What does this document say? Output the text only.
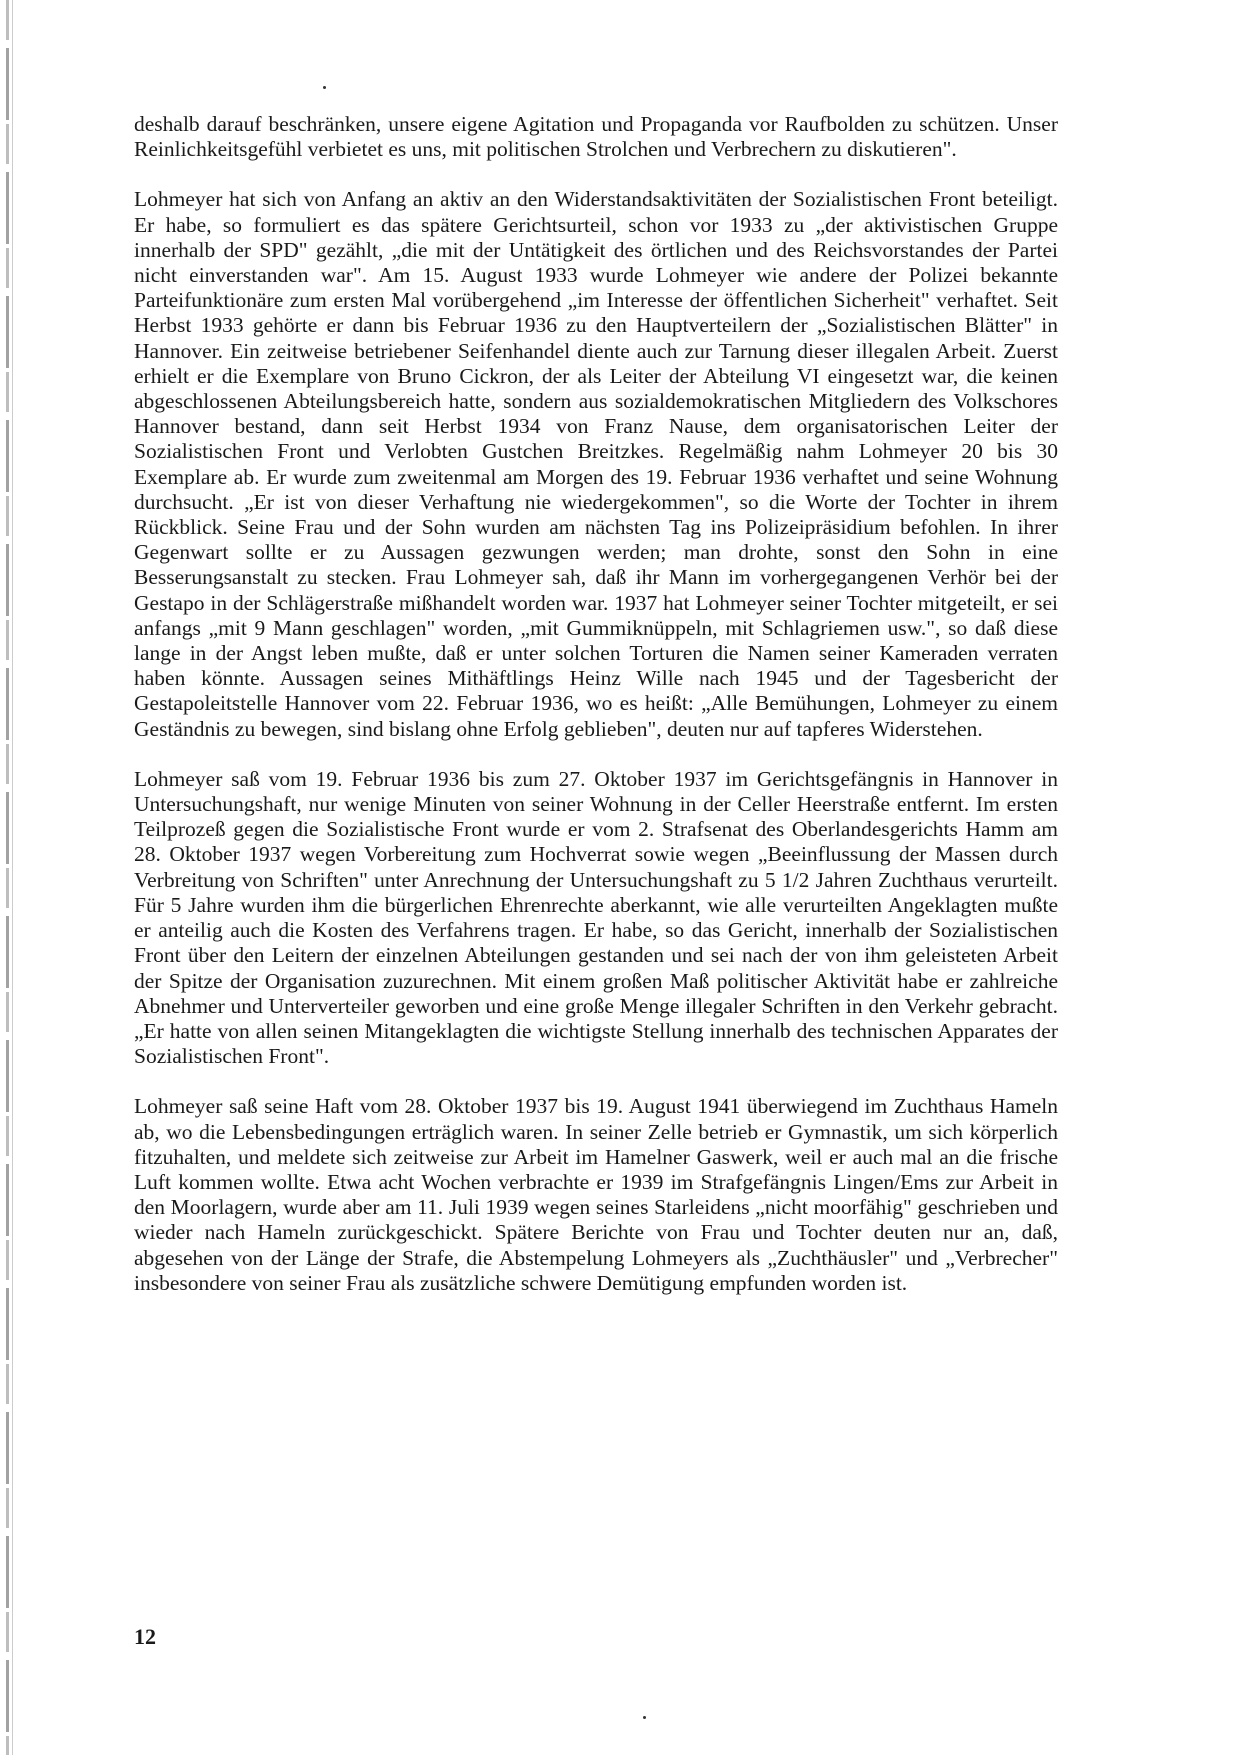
deshalb darauf beschränken, unsere eigene Agitation und Propaganda vor Raufbolden zu schützen. Unser Reinlichkeitsgefühl verbietet es uns, mit politischen Strolchen und Verbrechern zu diskutieren".

Lohmeyer hat sich von Anfang an aktiv an den Widerstandsaktivitäten der Sozialistischen Front beteiligt. Er habe, so formuliert es das spätere Gerichtsurteil, schon vor 1933 zu „der aktivistischen Gruppe innerhalb der SPD" gezählt, „die mit der Untätigkeit des örtlichen und des Reichsvorstandes der Partei nicht einverstanden war". Am 15. August 1933 wurde Lohmeyer wie andere der Polizei bekannte Parteifunktionäre zum ersten Mal vorübergehend „im Interesse der öffentlichen Sicherheit" verhaftet. Seit Herbst 1933 gehörte er dann bis Februar 1936 zu den Hauptverteilern der „Sozialistischen Blätter" in Hannover. Ein zeitweise betriebener Seifenhandel diente auch zur Tarnung dieser illegalen Arbeit. Zuerst erhielt er die Exemplare von Bruno Cickron, der als Leiter der Abteilung VI eingesetzt war, die keinen abgeschlossenen Abteilungsbereich hatte, sondern aus sozialdemokratischen Mitgliedern des Volkschores Hannover bestand, dann seit Herbst 1934 von Franz Nause, dem organisatorischen Leiter der Sozialistischen Front und Verlobten Gustchen Breitzkes. Regelmäßig nahm Lohmeyer 20 bis 30 Exemplare ab. Er wurde zum zweitenmal am Morgen des 19. Februar 1936 verhaftet und seine Wohnung durchsucht. „Er ist von dieser Verhaftung nie wiedergekommen", so die Worte der Tochter in ihrem Rückblick. Seine Frau und der Sohn wurden am nächsten Tag ins Polizeipräsidium befohlen. In ihrer Gegenwart sollte er zu Aussagen gezwungen werden; man drohte, sonst den Sohn in eine Besserungsanstalt zu stecken. Frau Lohmeyer sah, daß ihr Mann im vorhergegangenen Verhör bei der Gestapo in der Schlägerstraße mißhandelt worden war. 1937 hat Lohmeyer seiner Tochter mitgeteilt, er sei anfangs „mit 9 Mann geschlagen" worden, „mit Gummiknüppeln, mit Schlagriemen usw.", so daß diese lange in der Angst leben mußte, daß er unter solchen Torturen die Namen seiner Kameraden verraten haben könnte. Aussagen seines Mithäftlings Heinz Wille nach 1945 und der Tagesbericht der Gestapoleitstelle Hannover vom 22. Februar 1936, wo es heißt: „Alle Bemühungen, Lohmeyer zu einem Geständnis zu bewegen, sind bislang ohne Erfolg geblieben", deuten nur auf tapferes Widerstehen.

Lohmeyer saß vom 19. Februar 1936 bis zum 27. Oktober 1937 im Gerichtsgefängnis in Hannover in Untersuchungshaft, nur wenige Minuten von seiner Wohnung in der Celler Heerstraße entfernt. Im ersten Teilprozeß gegen die Sozialistische Front wurde er vom 2. Strafsenat des Oberlandesgerichts Hamm am 28. Oktober 1937 wegen Vorbereitung zum Hochverrat sowie wegen „Beeinflussung der Massen durch Verbreitung von Schriften" unter Anrechnung der Untersuchungshaft zu 5 1/2 Jahren Zuchthaus verurteilt. Für 5 Jahre wurden ihm die bürgerlichen Ehrenrechte aberkannt, wie alle verurteilten Angeklagten mußte er anteilig auch die Kosten des Verfahrens tragen. Er habe, so das Gericht, innerhalb der Sozialistischen Front über den Leitern der einzelnen Abteilungen gestanden und sei nach der von ihm geleisteten Arbeit der Spitze der Organisation zuzurechnen. Mit einem großen Maß politischer Aktivität habe er zahlreiche Abnehmer und Unterverteiler geworben und eine große Menge illegaler Schriften in den Verkehr gebracht. „Er hatte von allen seinen Mitangeklagten die wichtigste Stellung innerhalb des technischen Apparates der Sozialistischen Front".

Lohmeyer saß seine Haft vom 28. Oktober 1937 bis 19. August 1941 überwiegend im Zuchthaus Hameln ab, wo die Lebensbedingungen erträglich waren. In seiner Zelle betrieb er Gymnastik, um sich körperlich fitzuhalten, und meldete sich zeitweise zur Arbeit im Hamelner Gaswerk, weil er auch mal an die frische Luft kommen wollte. Etwa acht Wochen verbrachte er 1939 im Strafgefängnis Lingen/Ems zur Arbeit in den Moorlagern, wurde aber am 11. Juli 1939 wegen seines Starleidens „nicht moorfähig" geschrieben und wieder nach Hameln zurückgeschickt. Spätere Berichte von Frau und Tochter deuten nur an, daß, abgesehen von der Länge der Strafe, die Abstempelung Lohmeyers als „Zuchthäusler" und „Verbrecher" insbesondere von seiner Frau als zusätzliche schwere Demütigung empfunden worden ist.

12
